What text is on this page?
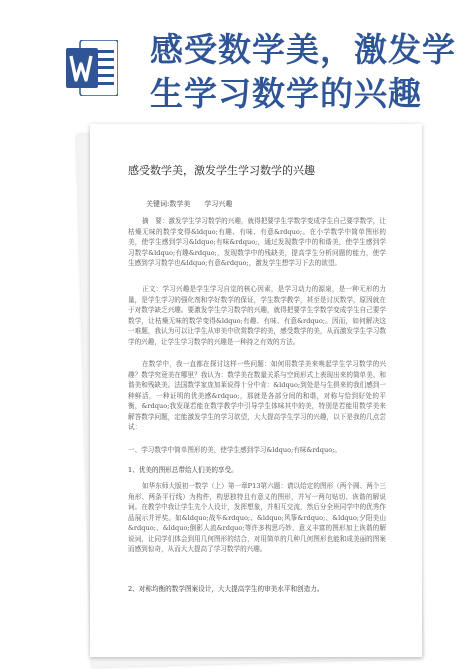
感受数学美，激发学生学习数学的兴趣
感受数学美，激发学生学习数学的兴趣
关键词:数学美　　学习兴趣

摘　要：激发学生学习数学的兴趣，就得把要学生学数学变成学生自己要学数学，让枯燥无味的数学变得&ldquo;有趣、有味、有意&rdquo;。在小学数学中简单图形的美，使学生感到学习&ldquo;有味&rdquo;，通过发现数学中的和谐美，使学生感到学习数学&ldquo;有趣&rdquo;，发现数学中的残缺美，提高学生分析问题的能力，使学生感到学习数学也&ldquo;有意&rdquo;，激发学生想学习下去的欲望。

正文：学习兴趣是学生学习自觉的核心因素，是学习动力的源泉，是一种无形的力量，是学生学习的强化剂和学好数学的保证，学生数学教学，甚至是讨厌数学，原因就在于对数学缺乏兴趣。要激发学生学习数学的兴趣，就得把要学生学数学变成学生自己要学数学，让枯燥无味的数学变得&ldquo;有趣、有味、有意&rdquo;。因而，如何解决这一难题，我认为可以让学生从审美中欣赏数学的美，感受数学的美，从而激发学生学习数学的兴趣，让学生学习数学的兴趣是一种持之有效的方法。

在数学中，我一直都在探讨这样一些问题：如何用数学美来唤起学生学习数学的兴趣？数学究竟美在哪里？我认为：数学美在数量关系与空间形式上表现出来的简单美、和谐美和残缺美。法国数学家庞加莱说得十分中肯：&ldquo;到处是与生俱来的我们感到一种鲜活，一种证明的优美感&rdquo;，那就是各部分间的和谐，对称与恰到好处的平衡，&rdquo;我发现若能在数学教学中引导学生体味其中的美，特别是若能用数学美来解答数学问题，定能激发学生的学习欲望，大大提高学生学习的兴趣，以下是我的几点尝试：

一、学习数学中简单图形的美，使学生感到学习&ldquo;有味&rdquo;。

1、优美的图形总带给人们美的享受。

如华东师大版初一数学（上）第一章P13第六题：请以给定的图形（两个圆、两个三角形、两条平行线）为构件，构思独特且有意义的图形，并写一两句贴切、诙谐的解说词。在教学中我让学生先个人设计，发挥想象，并相互交流，然后分全班同学中的优秀作品展示并评奖。如&ldquo;战车&rdquo;、&ldquo;风筝&rdquo;、&ldquo;夕阳美山&rdquo;、&ldquo;倒影人流&rdquo;等许多构思巧妙、意义丰富的图形加上诙谐的解说词，让同学们体会到用几何图形的结合，对用简单的几种几何图形也能和成美丽的图案而感到惊奇，从而大大提高了学习数学的兴趣。

2、对称均衡的数学图案设计，大大提高学生的审美水平和创造力。
